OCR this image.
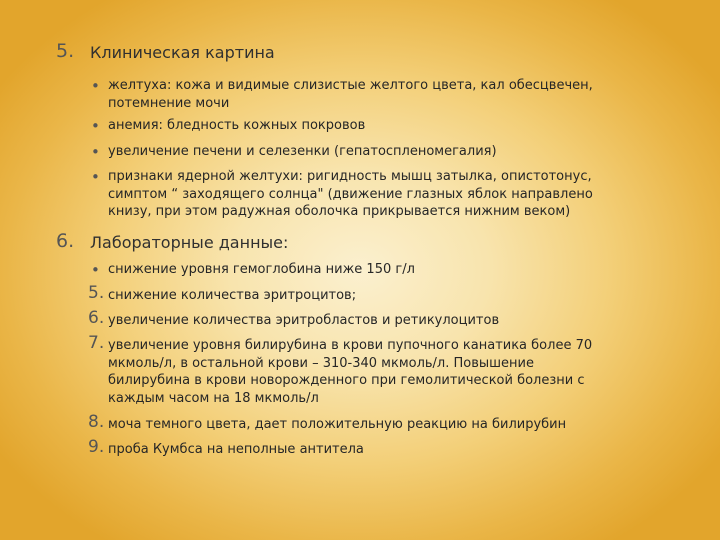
5. Клиническая картина
• желтуха: кожа и видимые слизистые желтого цвета, кал обесцвечен,
потемнение мочи
• анемия: бледность кожных покровов
• увеличение печени и селезенки (гепатоспленомегалия)
• признаки ядерной желтухи: ригидность мышц затылка, опистотонус,
симптом “ заходящего солнца" (движение глазных яблок направлено
книзу, при этом радужная оболочка прикрывается нижним веком)
6. Лабораторные данные:
• снижение уровня гемоглобина ниже 150 г/л
5. снижение количества эритроцитов;
6. увеличение количества эритробластов и ретикулоцитов
7. увеличение уровня билирубина в крови пупочного канатика более 70
мкмоль/л, в остальной крови – 310-340 мкмоль/л. Повышение
билирубина в крови новорожденного при гемолитической болезни с
каждым часом на 18 мкмоль/л
8. моча темного цвета, дает положительную реакцию на билирубин
9. проба Кумбса на неполные антитела
